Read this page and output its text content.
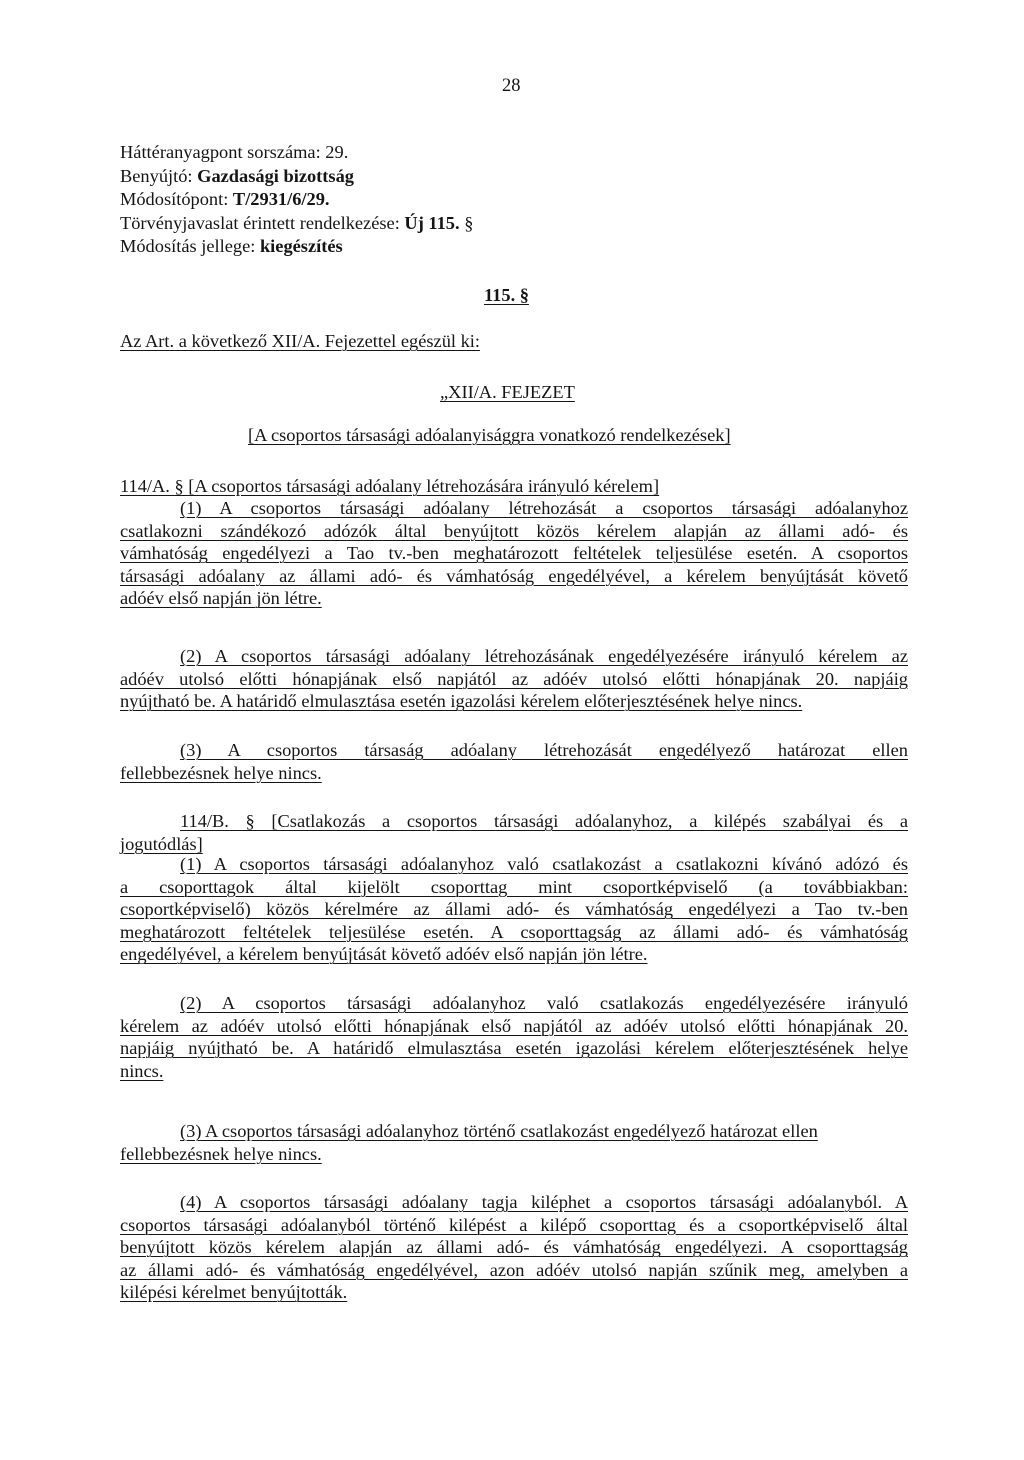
28
Háttéranyagpont sorszáma: 29.
Benyújtó: Gazdasági bizottság
Módosítópont: T/2931/6/29.
Törvényjavaslat érintett rendelkezése: Új 115. §
Módosítás jellege: kiegészítés
115. §
Az Art. a következő XII/A. Fejezettel egészül ki:
„XII/A. FEJEZET
[A csoportos társasági adóalanyisággra vonatkozó rendelkezések]
114/A. § [A csoportos társasági adóalany létrehozására irányuló kérelem]
(1) A csoportos társasági adóalany létrehozását a csoportos társasági adóalanyhoz
csatlakozni szándékozó adózók által benyújtott közös kérelem alapján az állami adó- és
vámhatóság engedélyezi a Tao tv.-ben meghatározott feltételek teljesülése esetén. A csoportos
társasági adóalany az állami adó- és vámhatóság engedélyével, a kérelem benyújtását követő
adóév első napján jön létre.
(2) A csoportos társasági adóalany létrehozásának engedélyezésére irányuló kérelem az
adóév utolsó előtti hónapjának első napjától az adóév utolsó előtti hónapjának 20. napjáig
nyújtható be. A határidő elmulasztása esetén igazolási kérelem előterjesztésének helye nincs.
(3) A csoportos társaság adóalany létrehozását engedélyező határozat ellen
fellebbezésnek helye nincs.
114/B. § [Csatlakozás a csoportos társasági adóalanyhoz, a kilépés szabályai és a
jogutódlás]
(1) A csoportos társasági adóalanyhoz való csatlakozást a csatlakozni kívánó adózó és
a csoporttagok által kijelölt csoporttag mint csoportképviselő (a továbbiakban:
csoportképviselő) közös kérelmére az állami adó- és vámhatóság engedélyezi a Tao tv.-ben
meghatározott feltételek teljesülése esetén. A csoporttagság az állami adó- és vámhatóság
engedélyével, a kérelem benyújtását követő adóév első napján jön létre.
(2) A csoportos társasági adóalanyhoz való csatlakozás engedélyezésére irányuló
kérelem az adóév utolsó előtti hónapjának első napjától az adóév utolsó előtti hónapjának 20.
napjáig nyújtható be. A határidő elmulasztása esetén igazolási kérelem előterjesztésének helye
nincs.
(3) A csoportos társasági adóalanyhoz történő csatlakozást engedélyező határozat ellen
fellebbezésnek helye nincs.
(4) A csoportos társasági adóalany tagja kiléphet a csoportos társasági adóalanyból. A
csoportos társasági adóalanyból történő kilépést a kilépő csoporttag és a csoportképviselő által
benyújtott közös kérelem alapján az állami adó- és vámhatóság engedélyezi. A csoporttagság
az állami adó- és vámhatóság engedélyével, azon adóév utolsó napján szűnik meg, amelyben a
kilépési kérelmet benyújtották.
